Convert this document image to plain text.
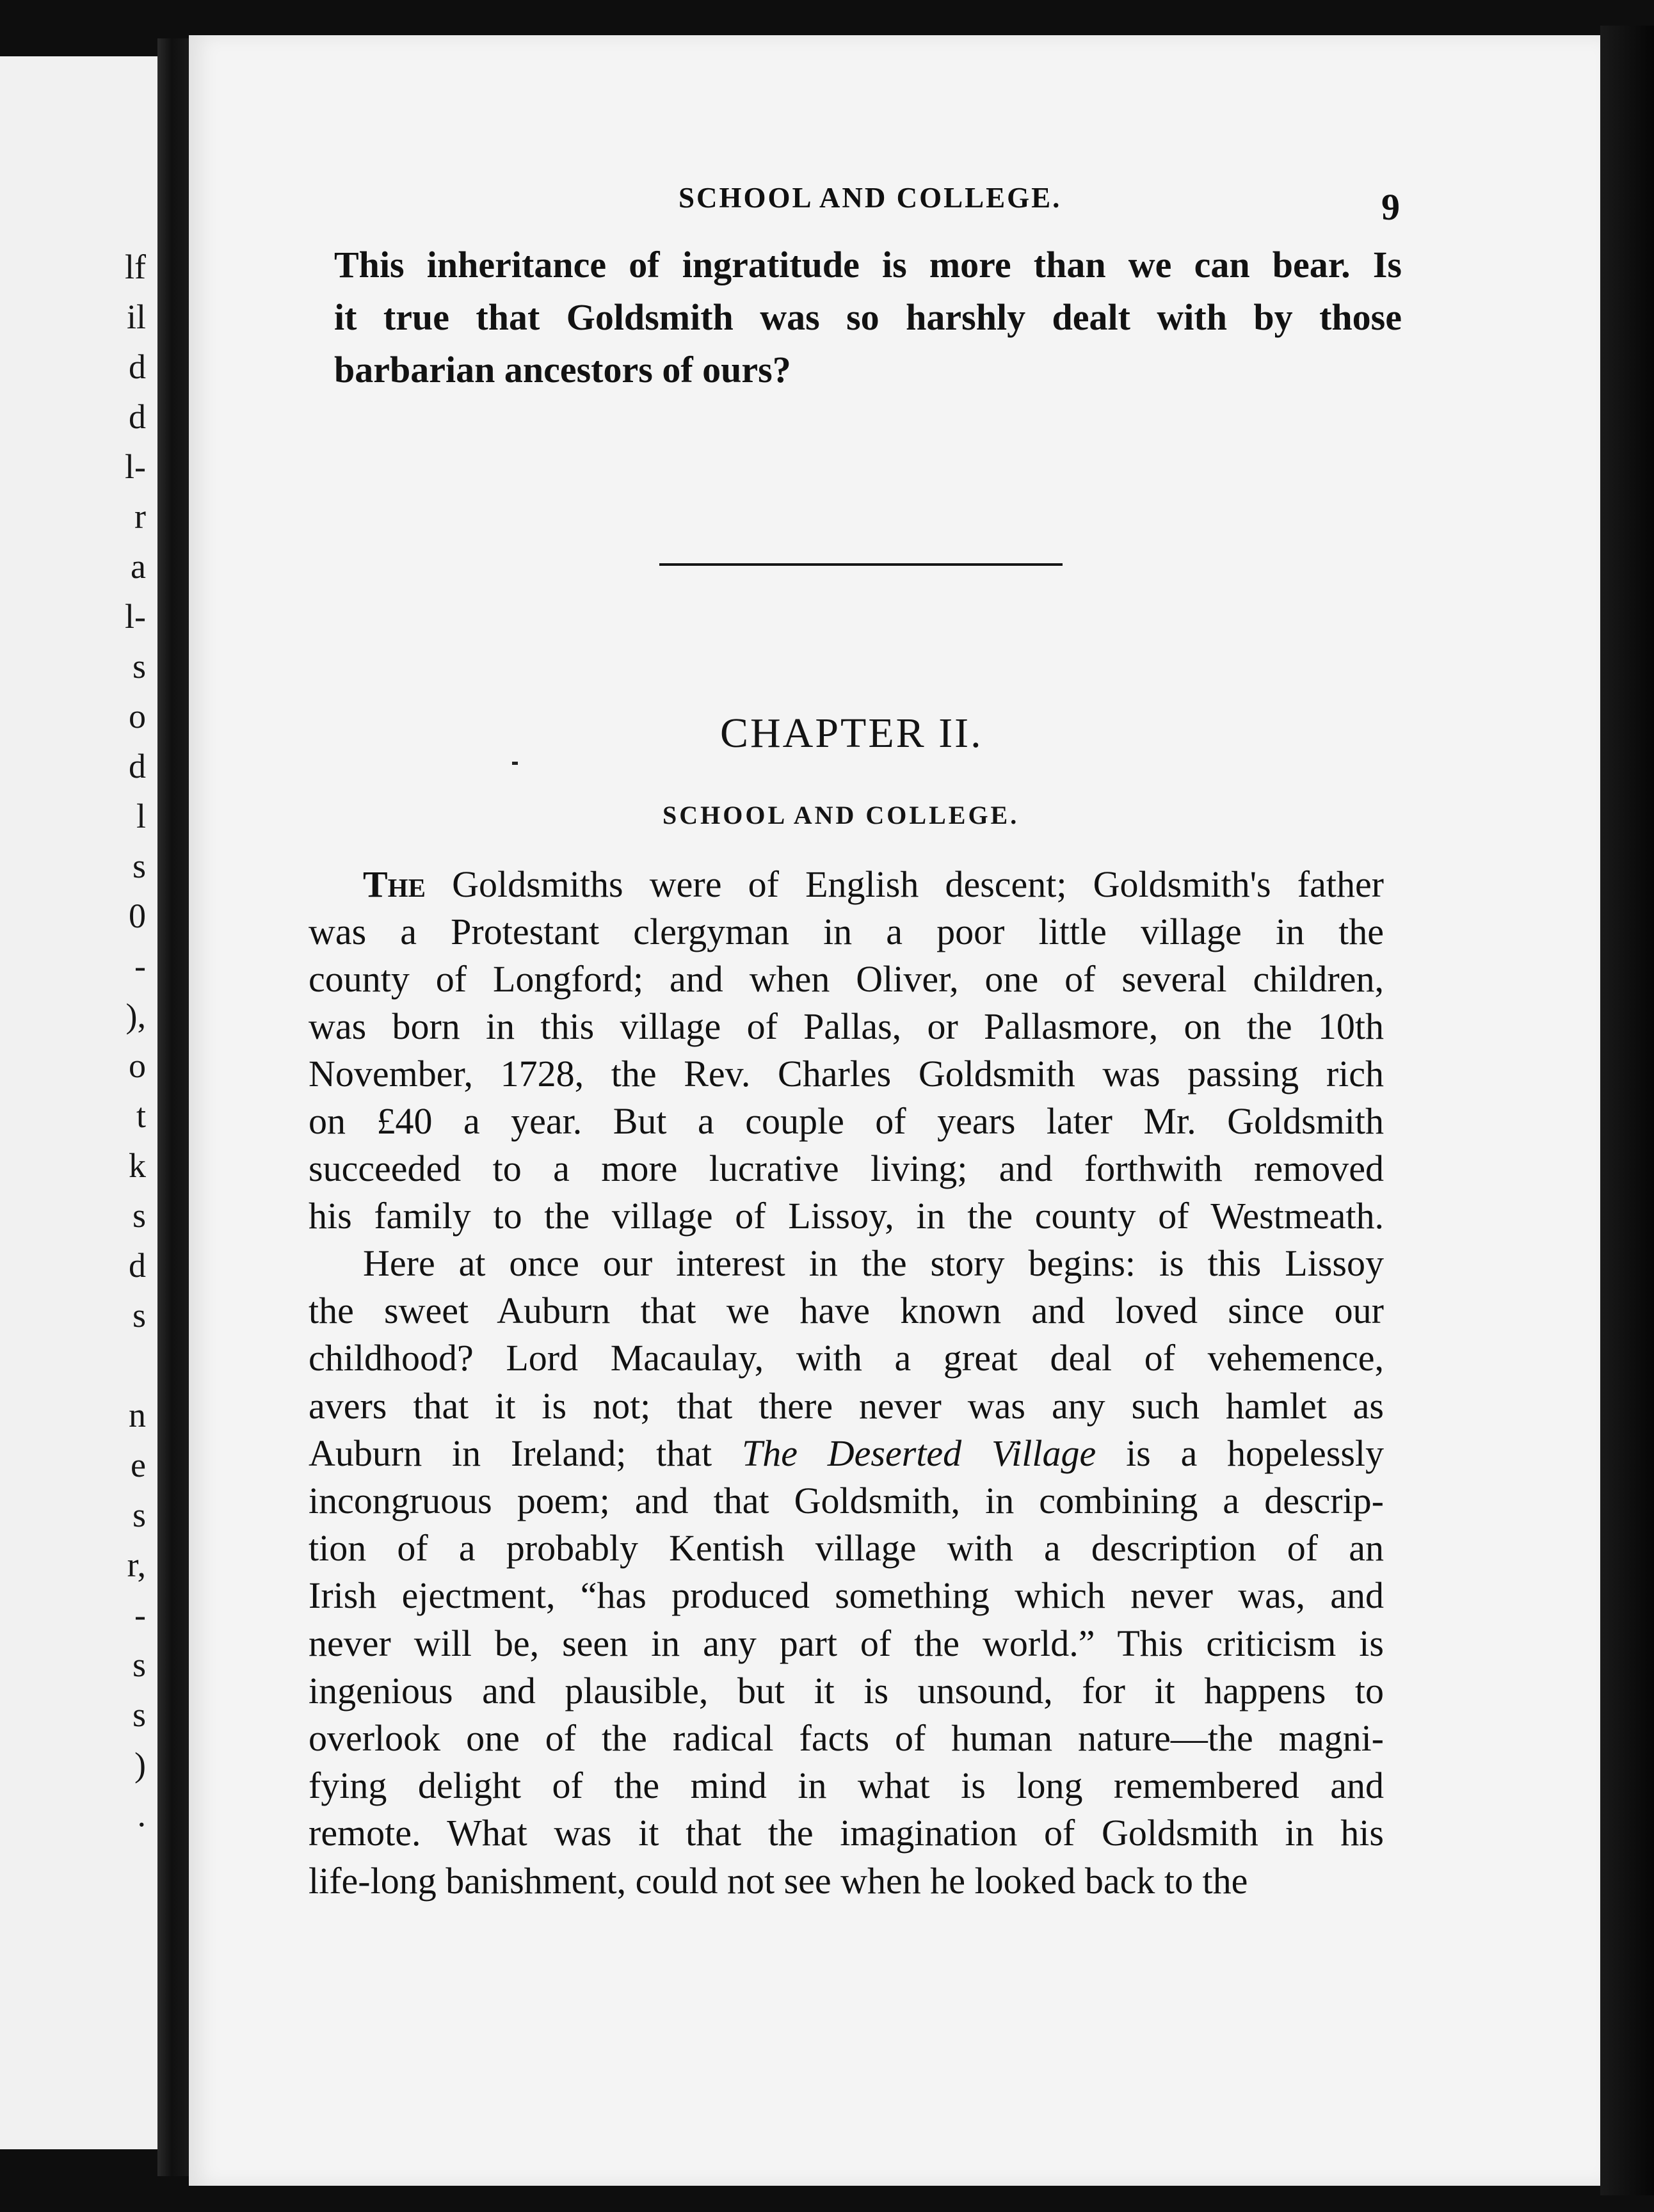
lf
il
d
d
l-
r
a
l-
s
o
d
l
s
0
-
),
o
t
k
s
d
s

n
e
s
r,
-
s
s
)
.
SCHOOL AND COLLEGE.	9
This inheritance of ingratitude is more than we can bear. Is
it true that Goldsmith was so harshly dealt with by those
barbarian ancestors of ours?
CHAPTER II.
SCHOOL AND COLLEGE.
The Goldsmiths were of English descent; Goldsmith's father
was a Protestant clergyman in a poor little village in the
county of Longford; and when Oliver, one of several children,
was born in this village of Pallas, or Pallasmore, on the 10th
November, 1728, the Rev. Charles Goldsmith was passing rich
on £40 a year. But a couple of years later Mr. Goldsmith
succeeded to a more lucrative living; and forthwith removed
his family to the village of Lissoy, in the county of Westmeath.
Here at once our interest in the story begins: is this Lissoy
the sweet Auburn that we have known and loved since our
childhood? Lord Macaulay, with a great deal of vehemence,
avers that it is not; that there never was any such hamlet as
Auburn in Ireland; that The Deserted Village is a hopelessly
incongruous poem; and that Goldsmith, in combining a descrip-
tion of a probably Kentish village with a description of an
Irish ejectment, “has produced something which never was, and
never will be, seen in any part of the world.” This criticism is
ingenious and plausible, but it is unsound, for it happens to
overlook one of the radical facts of human nature—the magni-
fying delight of the mind in what is long remembered and
remote. What was it that the imagination of Goldsmith in his
life-long banishment, could not see when he looked back to the
